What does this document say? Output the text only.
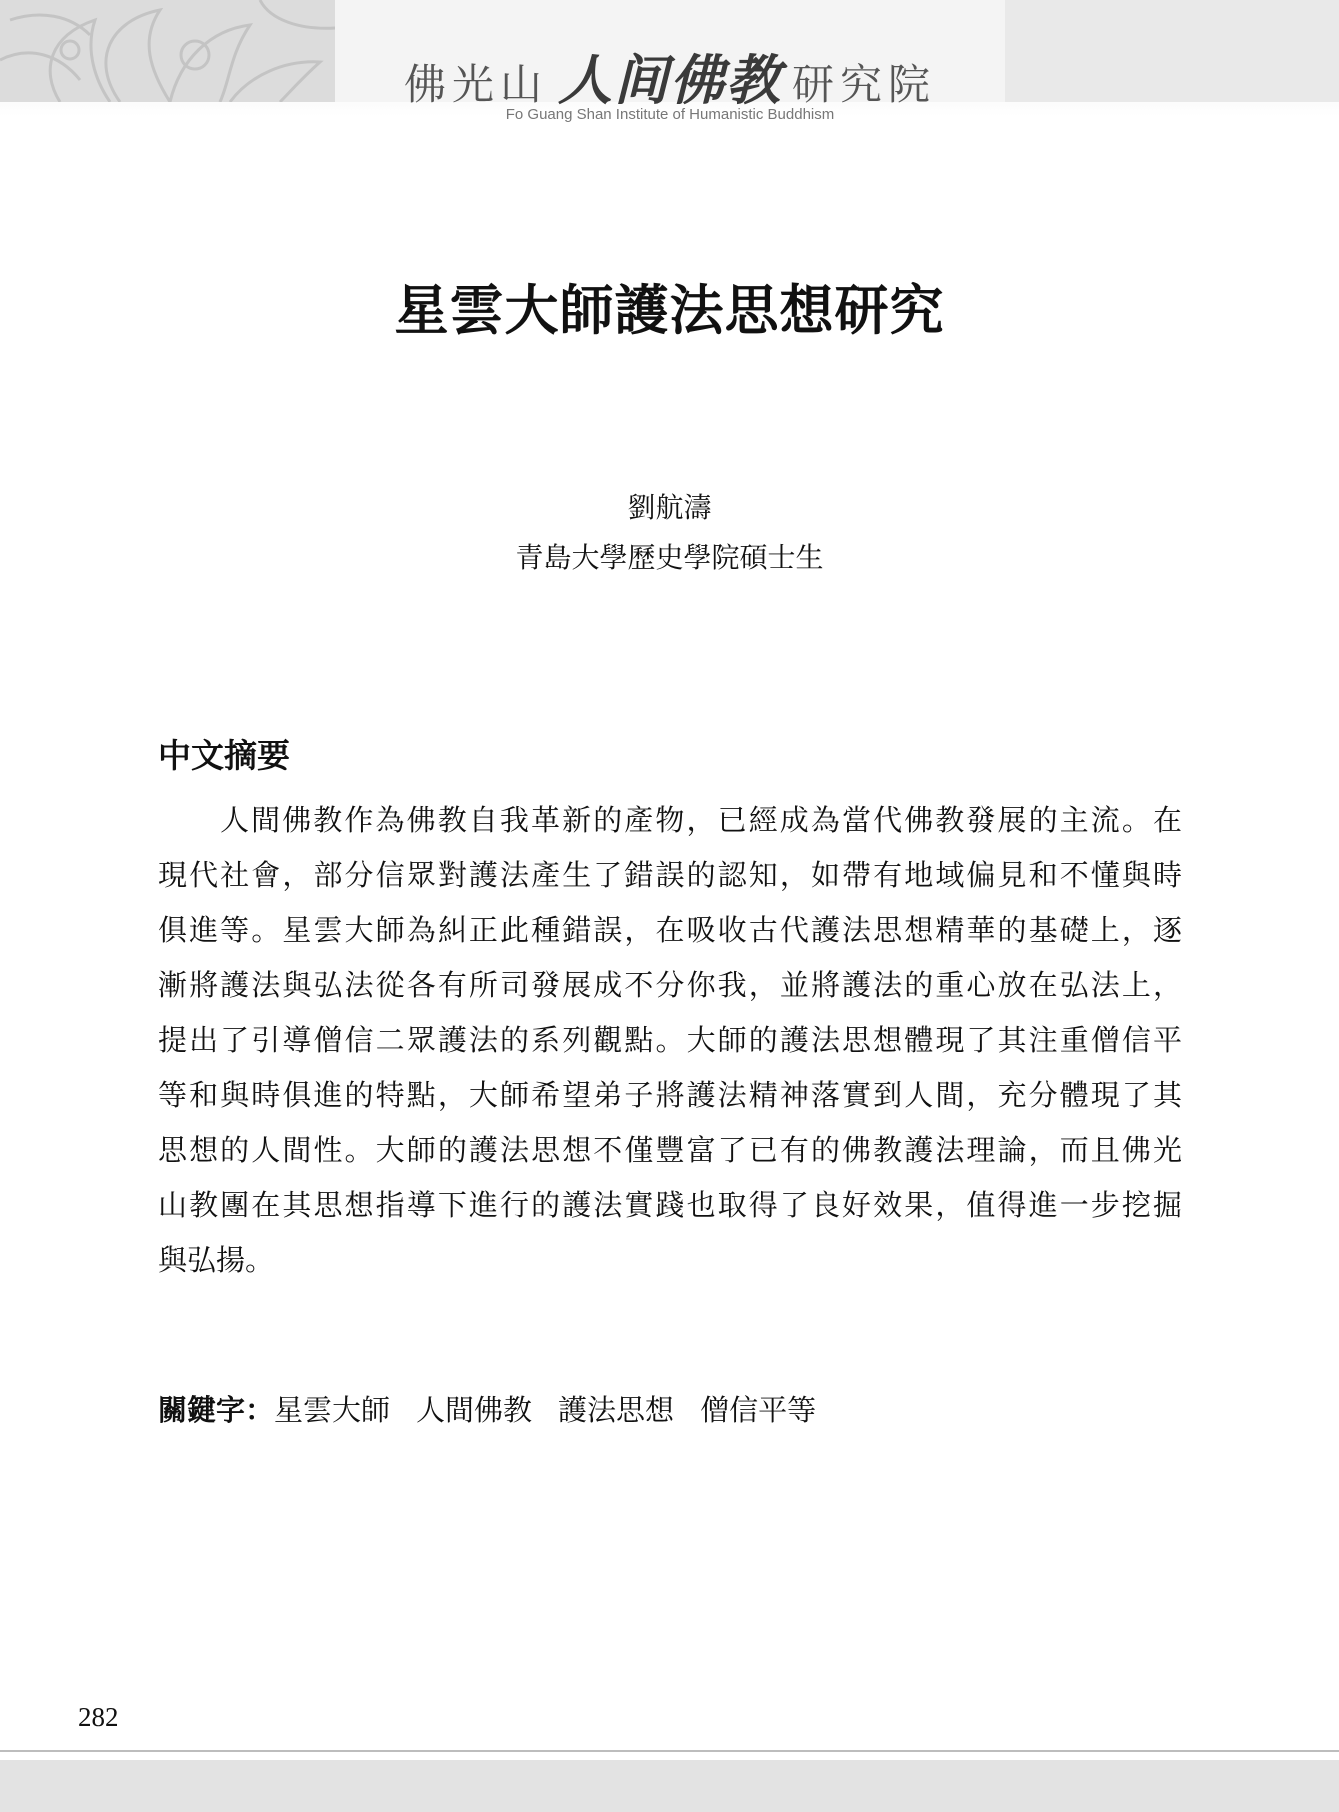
佛光山 人间佛教 研究院
Fo Guang Shan Institute of Humanistic Buddhism
星雲大師護法思想研究
劉航濤
青島大學歷史學院碩士生
中文摘要
人間佛教作為佛教自我革新的產物，已經成為當代佛教發展的主流。在
現代社會，部分信眾對護法產生了錯誤的認知，如帶有地域偏見和不懂與時
俱進等。星雲大師為糾正此種錯誤，在吸收古代護法思想精華的基礎上，逐
漸將護法與弘法從各有所司發展成不分你我，並將護法的重心放在弘法上，
提出了引導僧信二眾護法的系列觀點。大師的護法思想體現了其注重僧信平
等和與時俱進的特點，大師希望弟子將護法精神落實到人間，充分體現了其
思想的人間性。大師的護法思想不僅豐富了已有的佛教護法理論，而且佛光
山教團在其思想指導下進行的護法實踐也取得了良好效果，值得進一步挖掘
與弘揚。
關鍵字：星雲大師 人間佛教 護法思想 僧信平等
282
